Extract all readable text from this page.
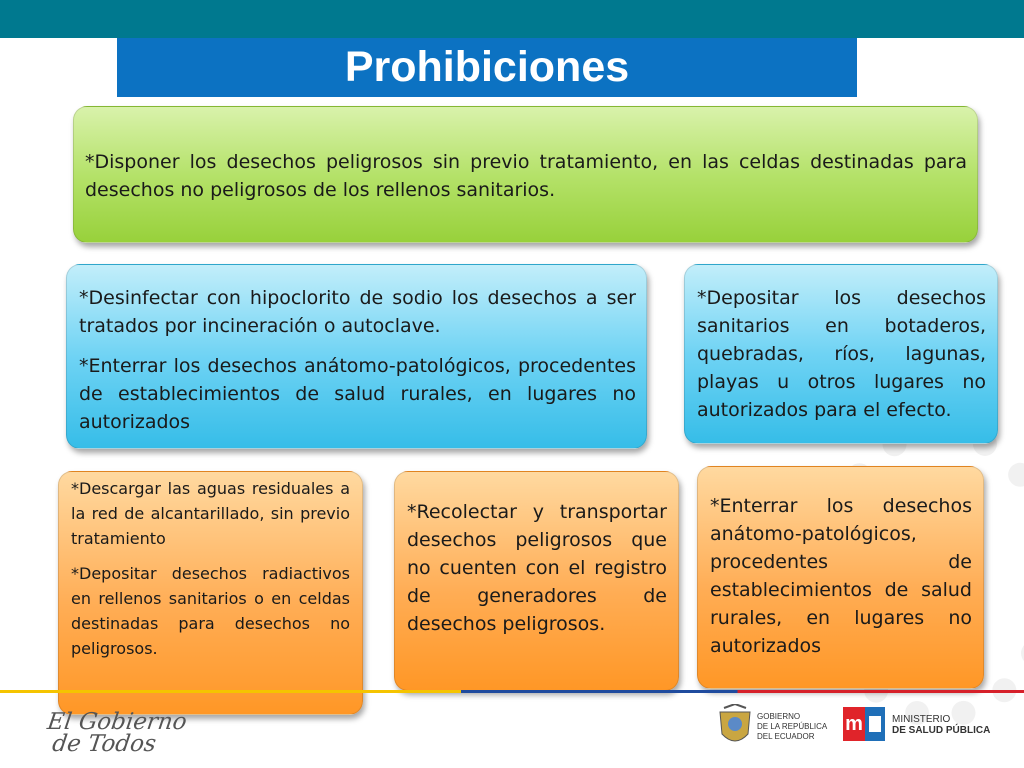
Prohibiciones

*Disponer los desechos peligrosos sin previo tratamiento, en las celdas destinadas para desechos no peligrosos de los rellenos sanitarios.

*Desinfectar con hipoclorito de sodio los desechos a ser tratados por incineración o autoclave.

*Enterrar los desechos anátomo-patológicos, procedentes de establecimientos de salud rurales, en lugares no autorizados

*Depositar los desechos sanitarios en botaderos, quebradas, ríos, lagunas, playas u otros lugares no autorizados para el efecto.

*Descargar las aguas residuales a la red de alcantarillado, sin previo tratamiento

*Depositar desechos radiactivos en rellenos sanitarios o en celdas destinadas para desechos no peligrosos.

*Recolectar y transportar desechos peligrosos que no cuenten con el registro de generadores de desechos peligrosos.

*Enterrar los desechos anátomo-patológicos, procedentes de establecimientos de salud rurales, en lugares no autorizados

El Gobierno
de Todos
GOBIERNO
DE LA REPÚBLICA
DEL ECUADOR
m	MINISTERIO
DE SALUD PÚBLICA
